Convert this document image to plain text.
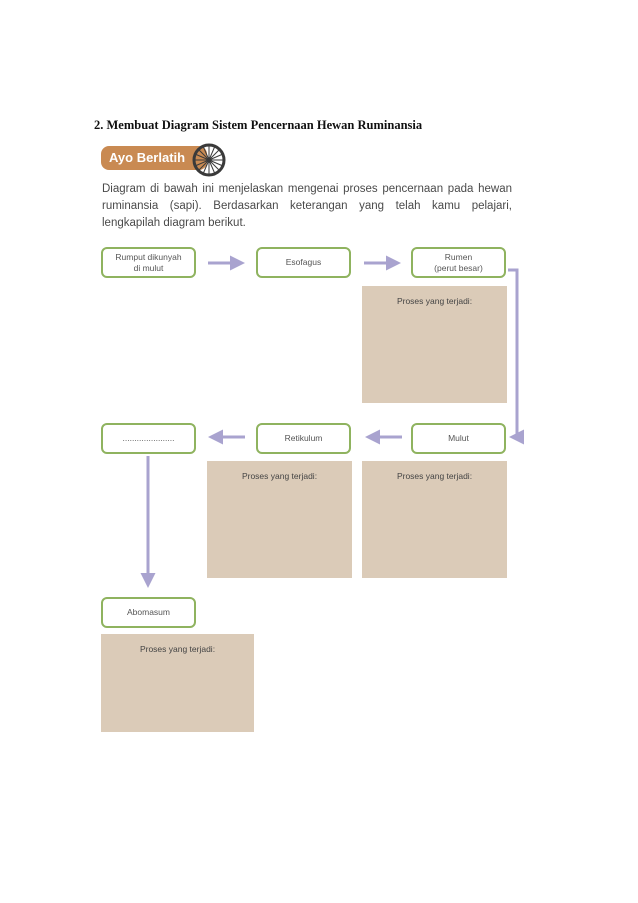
2. Membuat Diagram Sistem Pencernaan Hewan Ruminansia
Ayo Berlatih
Diagram di bawah ini menjelaskan mengenai proses pencernaan pada hewan ruminansia (sapi). Berdasarkan keterangan yang telah kamu pelajari, lengkapilah diagram berikut.
Rumput dikunyah
di mulut
Esofagus
Rumen
(perut besar)
Proses yang terjadi:
......................	Retikulum	Mulut
Proses yang terjadi:	Proses yang terjadi:
Abomasum
Proses yang terjadi:
